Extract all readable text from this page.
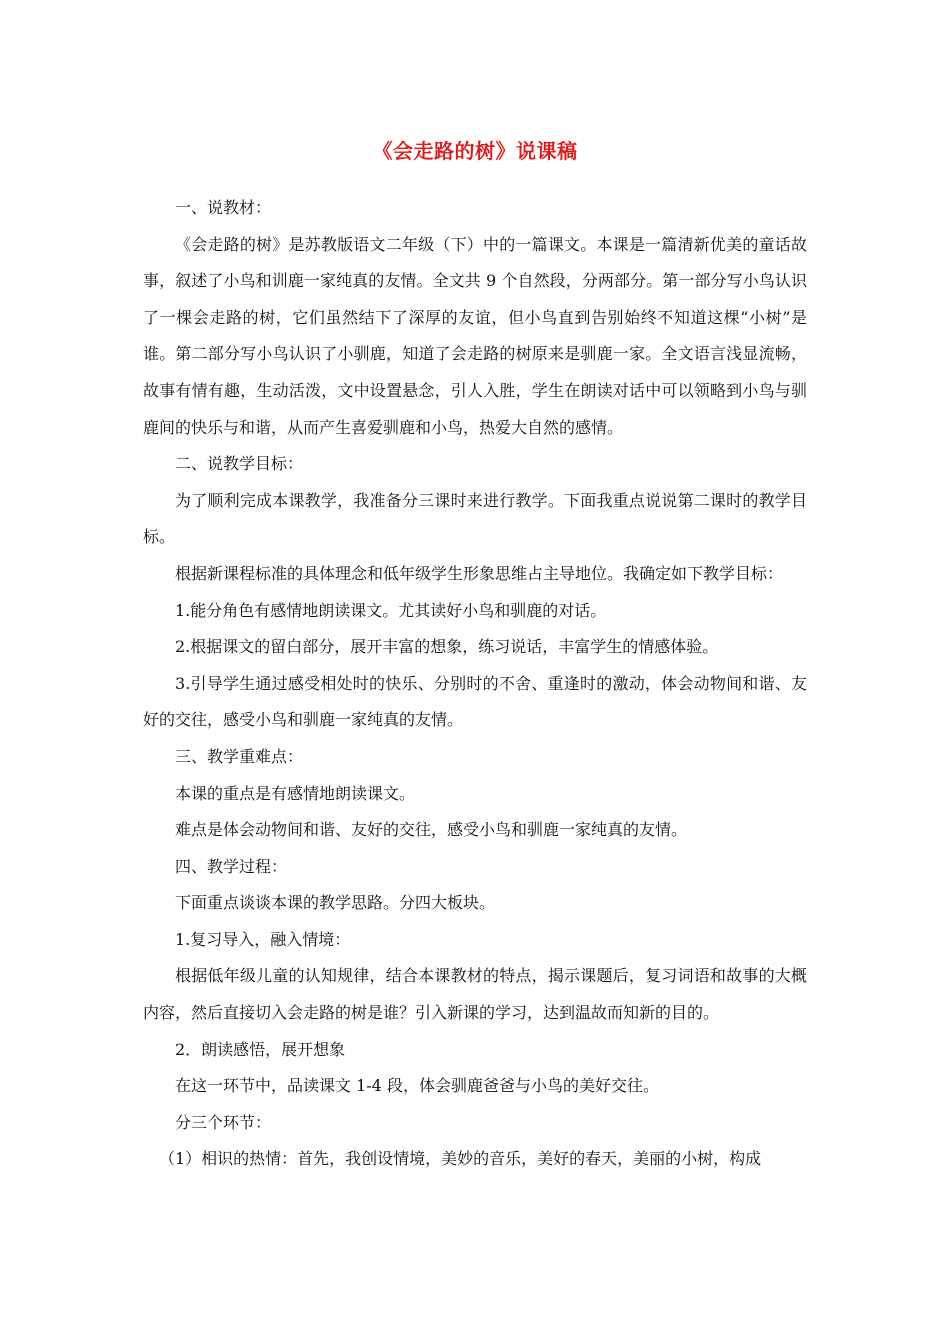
《会走路的树》说课稿

一、说教材：

《会走路的树》是苏教版语文二年级（下）中的一篇课文。本课是一篇清新优美的童话故事，叙述了小鸟和训鹿一家纯真的友情。全文共 9 个自然段，分两部分。第一部分写小鸟认识了一棵会走路的树，它们虽然结下了深厚的友谊，但小鸟直到告别始终不知道这棵“小树”是谁。第二部分写小鸟认识了小驯鹿，知道了会走路的树原来是驯鹿一家。全文语言浅显流畅，故事有情有趣，生动活泼，文中设置悬念，引人入胜，学生在朗读对话中可以领略到小鸟与驯鹿间的快乐与和谐，从而产生喜爱驯鹿和小鸟，热爱大自然的感情。

二、说教学目标：

为了顺利完成本课教学，我准备分三课时来进行教学。下面我重点说说第二课时的教学目标。

根据新课程标准的具体理念和低年级学生形象思维占主导地位。我确定如下教学目标：

1.能分角色有感情地朗读课文。尤其读好小鸟和驯鹿的对话。

2.根据课文的留白部分，展开丰富的想象，练习说话，丰富学生的情感体验。

3.引导学生通过感受相处时的快乐、分别时的不舍、重逢时的激动，体会动物间和谐、友好的交往，感受小鸟和驯鹿一家纯真的友情。

三、教学重难点：

本课的重点是有感情地朗读课文。

难点是体会动物间和谐、友好的交往，感受小鸟和驯鹿一家纯真的友情。

四、教学过程：

下面重点谈谈本课的教学思路。分四大板块。

1.复习导入，融入情境：

根据低年级儿童的认知规律，结合本课教材的特点，揭示课题后，复习词语和故事的大概内容，然后直接切入会走路的树是谁？引入新课的学习，达到温故而知新的目的。

2．朗读感悟，展开想象

在这一环节中，品读课文 1-4 段，体会驯鹿爸爸与小鸟的美好交往。

分三个环节：

（1）相识的热情：首先，我创设情境，美妙的音乐，美好的春天，美丽的小树，构成
